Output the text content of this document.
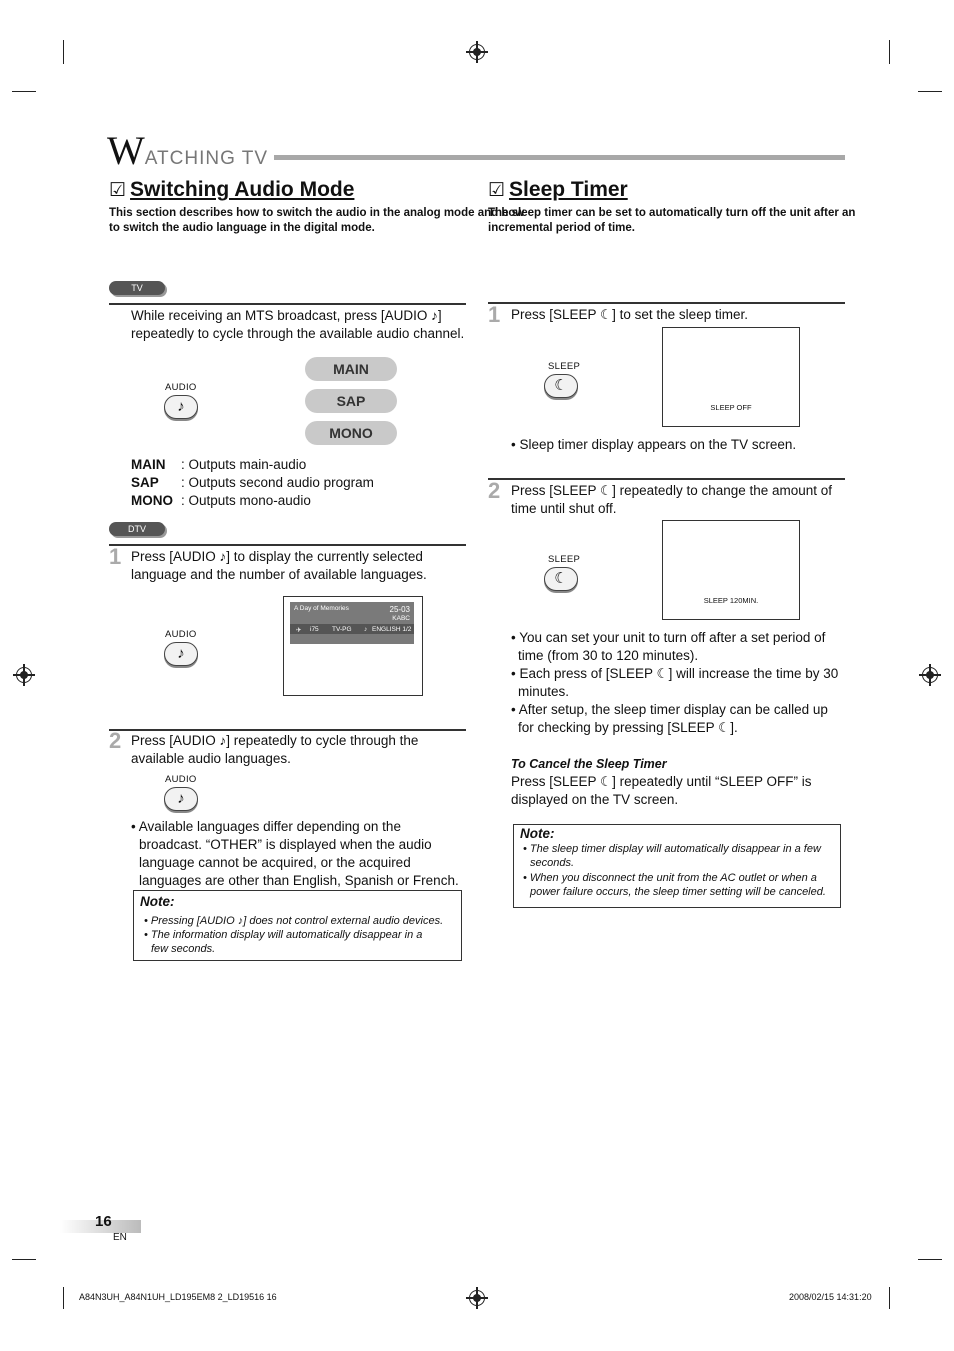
WATCHING TV
☑ Switching Audio Mode
This section describes how to switch the audio in the analog mode and how
to switch the audio language in the digital mode.
TV
While receiving an MTS broadcast, press [AUDIO ♪]
repeatedly to cycle through the available audio channel.
AUDIO
♪
MAIN
SAP
MONO
MAIN : Outputs main-audio
SAP : Outputs second audio program
MONO : Outputs mono-audio
DTV
1 Press [AUDIO ♪] to display the currently selected
language and the number of available languages.
AUDIO
♪
A Day of Memories	25-03
KABC
✈ i75 TV-PG ♪ ENGLISH 1/2
2 Press [AUDIO ♪] repeatedly to cycle through the
available audio languages.
AUDIO
♪
• Available languages differ depending on the
broadcast. “OTHER” is displayed when the audio
language cannot be acquired, or the acquired
languages are other than English, Spanish or French.
Note:
• Pressing [AUDIO ♪] does not control external audio devices.
• The information display will automatically disappear in a
few seconds.
☑ Sleep Timer
The sleep timer can be set to automatically turn off the unit after an
incremental period of time.
1 Press [SLEEP ☾] to set the sleep timer.
SLEEP
☾
SLEEP OFF
• Sleep timer display appears on the TV screen.
2 Press [SLEEP ☾] repeatedly to change the amount of
time until shut off.
SLEEP
☾
SLEEP 120MIN.
• You can set your unit to turn off after a set period of
time (from 30 to 120 minutes).
• Each press of [SLEEP ☾] will increase the time by 30
minutes.
• After setup, the sleep timer display can be called up
for checking by pressing [SLEEP ☾].
To Cancel the Sleep Timer
Press [SLEEP ☾] repeatedly until “SLEEP OFF” is
displayed on the TV screen.
Note:
• The sleep timer display will automatically disappear in a few
seconds.
• When you disconnect the unit from the AC outlet or when a
power failure occurs, the sleep timer setting will be canceled.
16
EN
A84N3UH_A84N1UH_LD195EM8 2_LD19516 16	2008/02/15 14:31:20
